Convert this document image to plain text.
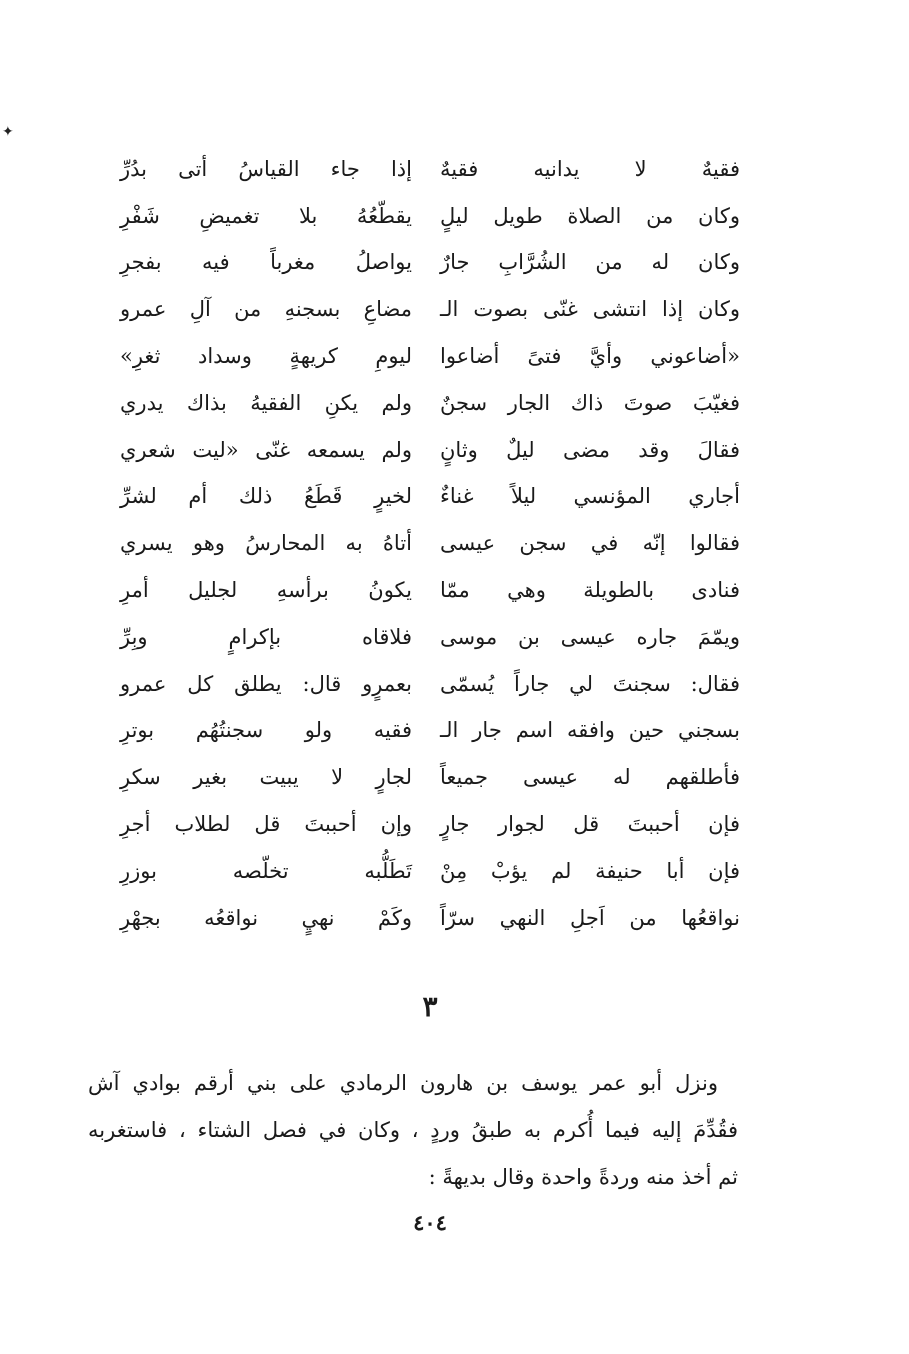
✦
فقيهٌ لا يدانيه فقيهٌ
إذا جاء القياسُ أتى بدُرِّ
وكان من الصلاة طويل ليلٍ
يقطّعُهُ بلا تغميضِ شَفْرِ
وكان له من الشُرَّابِ جارٌ
يواصلُ مغرباً فيه بفجرِ
وكان إذا انتشى غنّى بصوت الـ
مضاعِ بسجنهِ من آلِ عمرو
«أضاعوني وأيَّ فتىً أضاعوا
ليومِ كريهةٍ وسداد ثغرِ»
فغيّبَ صوتَ ذاك الجار سجنٌ
ولم يكنِ الفقيهُ بذاك يدري
فقالَ وقد مضى ليلٌ وثانٍ
ولم يسمعه غنّى «ليت شعري
أجاري المؤنسي ليلاً غناءٌ
لخيرٍ قَطَعُ ذلك أم لشرِّ
فقالوا إنّه في سجن عيسى
أتاهُ به المحارسُ وهو يسري
فنادى بالطويلة وهي ممّا
يكونُ برأسهِ لجليل أمرِ
ويمّمَ جاره عيسى بن موسى
فلاقاه بإكرامٍ وبِرِّ
فقال: سجنتَ لي جاراً يُسمّى
بعمرٍو قال: يطلق كل عمرو
بسجني حين وافقه اسم جار الـ
فقيه ولو سجنتُهُم بوترِ
فأطلقهم له عيسى جميعاً
لجارٍ لا يبيت بغير سكرِ
فإن أحببتَ قل لجوار جارٍ
وإن أحببتَ قل لطلاب أجرِ
فإن أبا حنيفة لم يؤبْ مِنْ
تَطَلُّبه تخلّصه بوزرِ
نواقعُها من اَجلِ النهي سرّاً
وكَمْ نهيٍ نواقعُه بجهْرِ
٣
ونزل أبو عمر يوسف بن هارون الرمادي على بني أرقم بوادي آش
فقُدِّمَ إليه فيما أُكرم به طبقُ وردٍ ، وكان في فصل الشتاء ، فاستغربه
ثم أخذ منه وردةً واحدة وقال بديهةً :
٤٠٤
